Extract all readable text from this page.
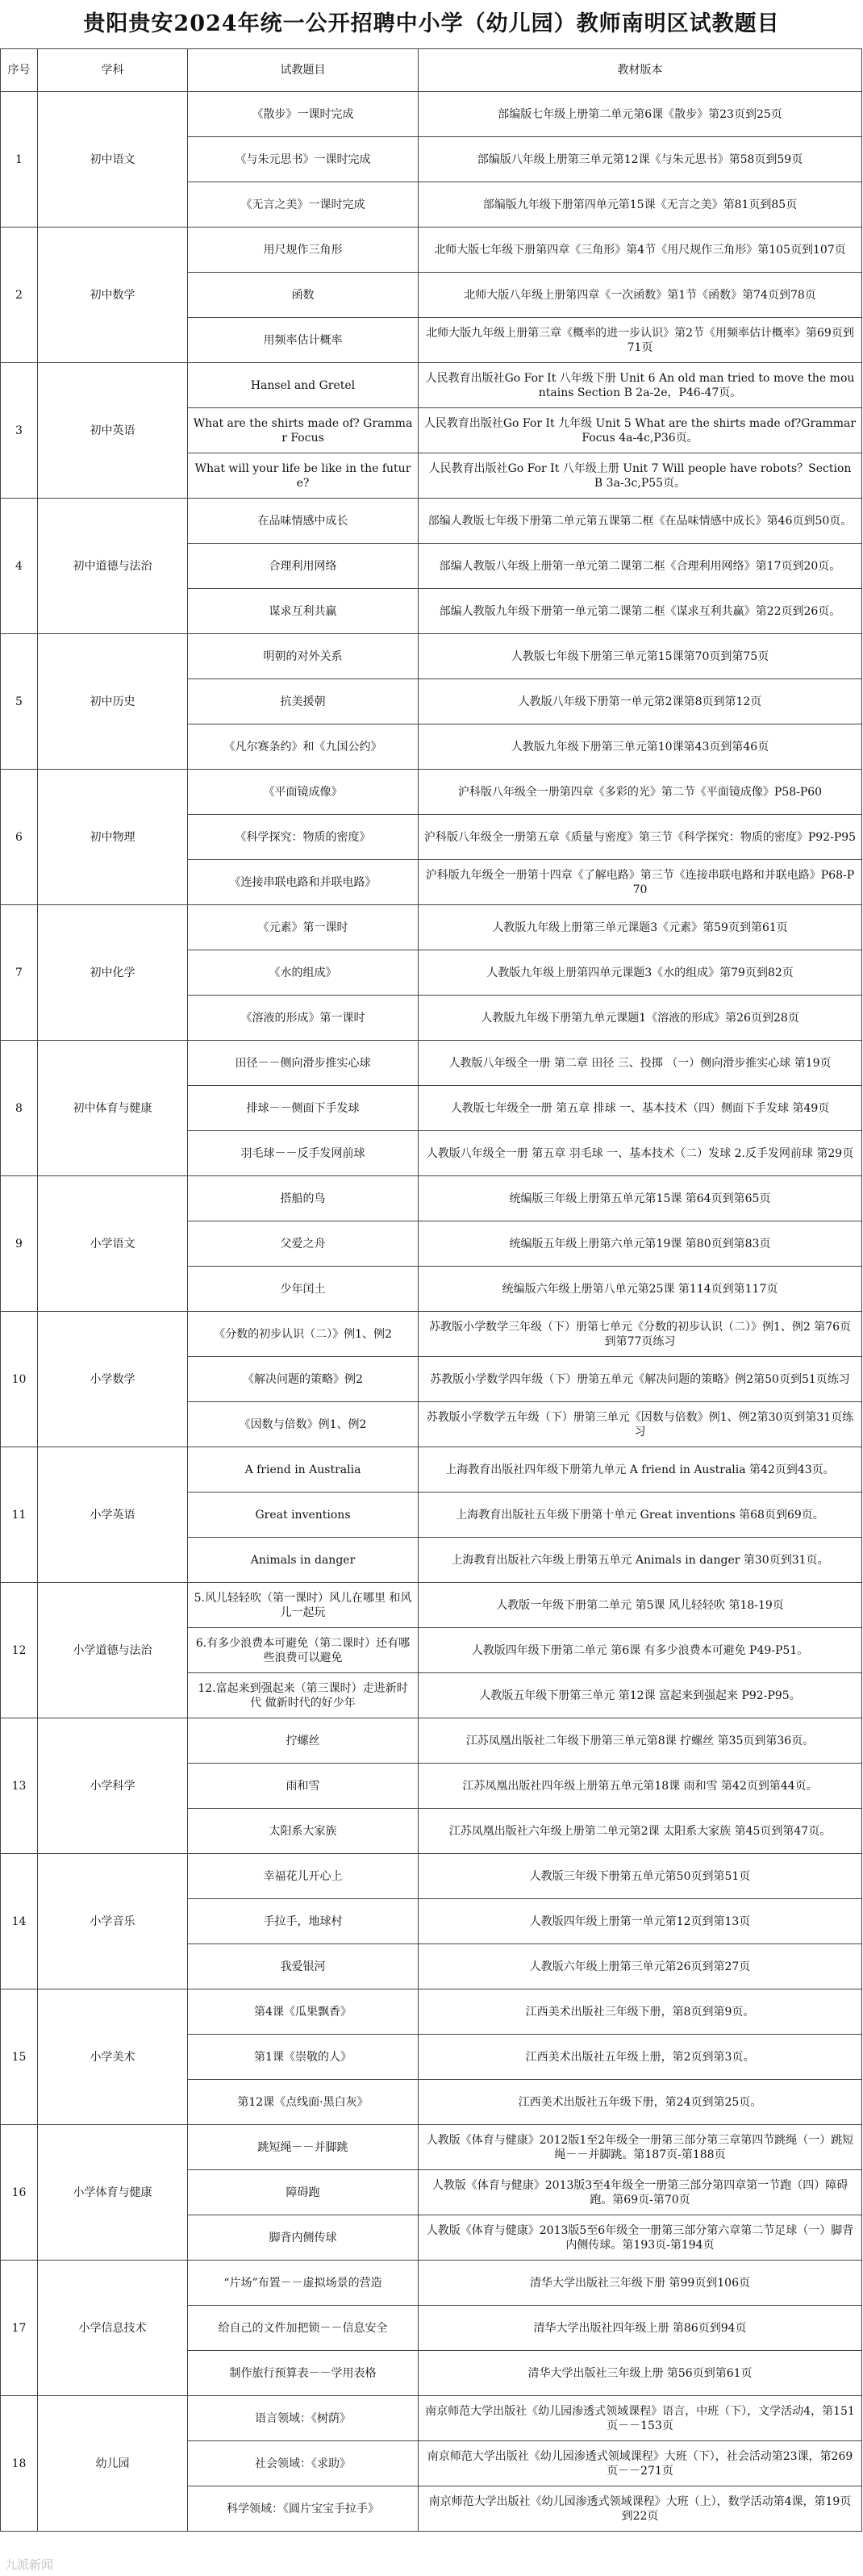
贵阳贵安2024年统一公开招聘中小学（幼儿园）教师南明区试教题目
序号	学科	试教题目	教材版本
1	初中语文	《散步》一课时完成	部编版七年级上册第二单元第6课《散步》第23页到25页
		《与朱元思书》一课时完成	部编版八年级上册第三单元第12课《与朱元思书》第58页到59页
		《无言之美》一课时完成	部编版九年级下册第四单元第15课《无言之美》第81页到85页
2	初中数学	用尺规作三角形	北师大版七年级下册第四章《三角形》第4节《用尺规作三角形》第105页到107页
		函数	北师大版八年级上册第四章《一次函数》第1节《函数》第74页到78页
		用频率估计概率	北师大版九年级上册第三章《概率的进一步认识》第2节《用频率估计概率》第69页到71页
3	初中英语	Hansel and Gretel	人民教育出版社Go For It 八年级下册 Unit 6 An old man tried to move the mountains Section B 2a-2e，P46-47页。
		What are the shirts made of? Grammar Focus	人民教育出版社Go For It 九年级 Unit 5 What are the shirts made of?Grammar Focus 4a-4c,P36页。
		What will your life be like in the future?	人民教育出版社Go For It 八年级上册 Unit 7 Will people have robots？Section B 3a-3c,P55页。
4	初中道德与法治	在品味情感中成长	部编人教版七年级下册第二单元第五课第二框《在品味情感中成长》第46页到50页。
		合理利用网络	部编人教版八年级上册第一单元第二课第二框《合理利用网络》第17页到20页。
		谋求互利共赢	部编人教版九年级下册第一单元第二课第二框《谋求互利共赢》第22页到26页。
5	初中历史	明朝的对外关系	人教版七年级下册第三单元第15课第70页到第75页
		抗美援朝	人教版八年级下册第一单元第2课第8页到第12页
		《凡尔赛条约》和《九国公约》	人教版九年级下册第三单元第10课第43页到第46页
6	初中物理	《平面镜成像》	沪科版八年级全一册第四章《多彩的光》第二节《平面镜成像》P58-P60
		《科学探究：物质的密度》	沪科版八年级全一册第五章《质量与密度》第三节《科学探究：物质的密度》P92-P95
		《连接串联电路和并联电路》	沪科版九年级全一册第十四章《了解电路》第三节《连接串联电路和并联电路》P68-P70
7	初中化学	《元素》第一课时	人教版九年级上册第三单元课题3《元素》第59页到第61页
		《水的组成》	人教版九年级上册第四单元课题3《水的组成》第79页到82页
		《溶液的形成》第一课时	人教版九年级下册第九单元课题1《溶液的形成》第26页到28页
8	初中体育与健康	田径－－侧向滑步推实心球	人教版八年级全一册 第二章 田径 三、投掷 （一）侧向滑步推实心球 第19页
		排球－－侧面下手发球	人教版七年级全一册 第五章 排球 一、基本技术（四）侧面下手发球 第49页
		羽毛球－－反手发网前球	人教版八年级全一册 第五章 羽毛球 一、基本技术（二）发球 2.反手发网前球 第29页
9	小学语文	搭船的鸟	统编版三年级上册第五单元第15课 第64页到第65页
		父爱之舟	统编版五年级上册第六单元第19课 第80页到第83页
		少年闰土	统编版六年级上册第八单元第25课 第114页到第117页
10	小学数学	《分数的初步认识（二）》例1、例2	苏教版小学数学三年级（下）册第七单元《分数的初步认识（二）》例1、例2 第76页到第77页练习
		《解决问题的策略》例2	苏教版小学数学四年级（下）册第五单元《解决问题的策略》例2第50页到51页练习
		《因数与倍数》例1、例2	苏教版小学数学五年级（下）册第三单元《因数与倍数》例1、例2第30页到第31页练习
11	小学英语	A friend in Australia	上海教育出版社四年级下册第九单元 A friend in Australia 第42页到43页。
		Great inventions	上海教育出版社五年级下册第十单元 Great inventions 第68页到69页。
		Animals in danger	上海教育出版社六年级上册第五单元 Animals in danger 第30页到31页。
12	小学道德与法治	5.风儿轻轻吹（第一课时）风儿在哪里 和风儿一起玩	人教版一年级下册第二单元 第5课 风儿轻轻吹 第18-19页
		6.有多少浪费本可避免（第二课时）还有哪些浪费可以避免	人教版四年级下册第二单元 第6课 有多少浪费本可避免 P49-P51。
		12.富起来到强起来（第三课时）走进新时代 做新时代的好少年	人教版五年级下册第三单元 第12课 富起来到强起来 P92-P95。
13	小学科学	拧螺丝	江苏凤凰出版社二年级下册第三单元第8课 拧螺丝 第35页到第36页。
		雨和雪	江苏凤凰出版社四年级上册第五单元第18课 雨和雪 第42页到第44页。
		太阳系大家族	江苏凤凰出版社六年级上册第二单元第2课 太阳系大家族 第45页到第47页。
14	小学音乐	幸福花儿开心上	人教版三年级下册第五单元第50页到第51页
		手拉手，地球村	人教版四年级上册第一单元第12页到第13页
		我爱银河	人教版六年级上册第三单元第26页到第27页
15	小学美术	第4课《瓜果飘香》	江西美术出版社三年级下册，第8页到第9页。
		第1课《崇敬的人》	江西美术出版社五年级上册，第2页到第3页。
		第12课《点线面·黑白灰》	江西美术出版社五年级下册，第24页到第25页。
16	小学体育与健康	跳短绳－－并脚跳	人教版《体育与健康》2012版1至2年级全一册第三部分第三章第四节跳绳（一）跳短绳－－并脚跳。第187页-第188页
		障碍跑	人教版《体育与健康》2013版3至4年级全一册第三部分第四章第一节跑（四）障碍跑。第69页-第70页
		脚背内侧传球	人教版《体育与健康》2013版5至6年级全一册第三部分第六章第二节足球（一）脚背内侧传球。第193页-第194页
17	小学信息技术	“片场”布置－－虚拟场景的营造	清华大学出版社三年级下册 第99页到106页
		给自己的文件加把锁－－信息安全	清华大学出版社四年级上册 第86页到94页
		制作旅行预算表－－学用表格	清华大学出版社三年级上册 第56页到第61页
18	幼儿园	语言领域：《树荫》	南京师范大学出版社《幼儿园渗透式领域课程》语言，中班（下），文学活动4，第151页－－153页
		社会领域：《求助》	南京师范大学出版社《幼儿园渗透式领域课程》大班（下），社会活动第23课，第269页－－271页
		科学领域：《圆片宝宝手拉手》	南京师范大学出版社《幼儿园渗透式领域课程》大班（上），数学活动第4课，第19页到22页
九派新闻
